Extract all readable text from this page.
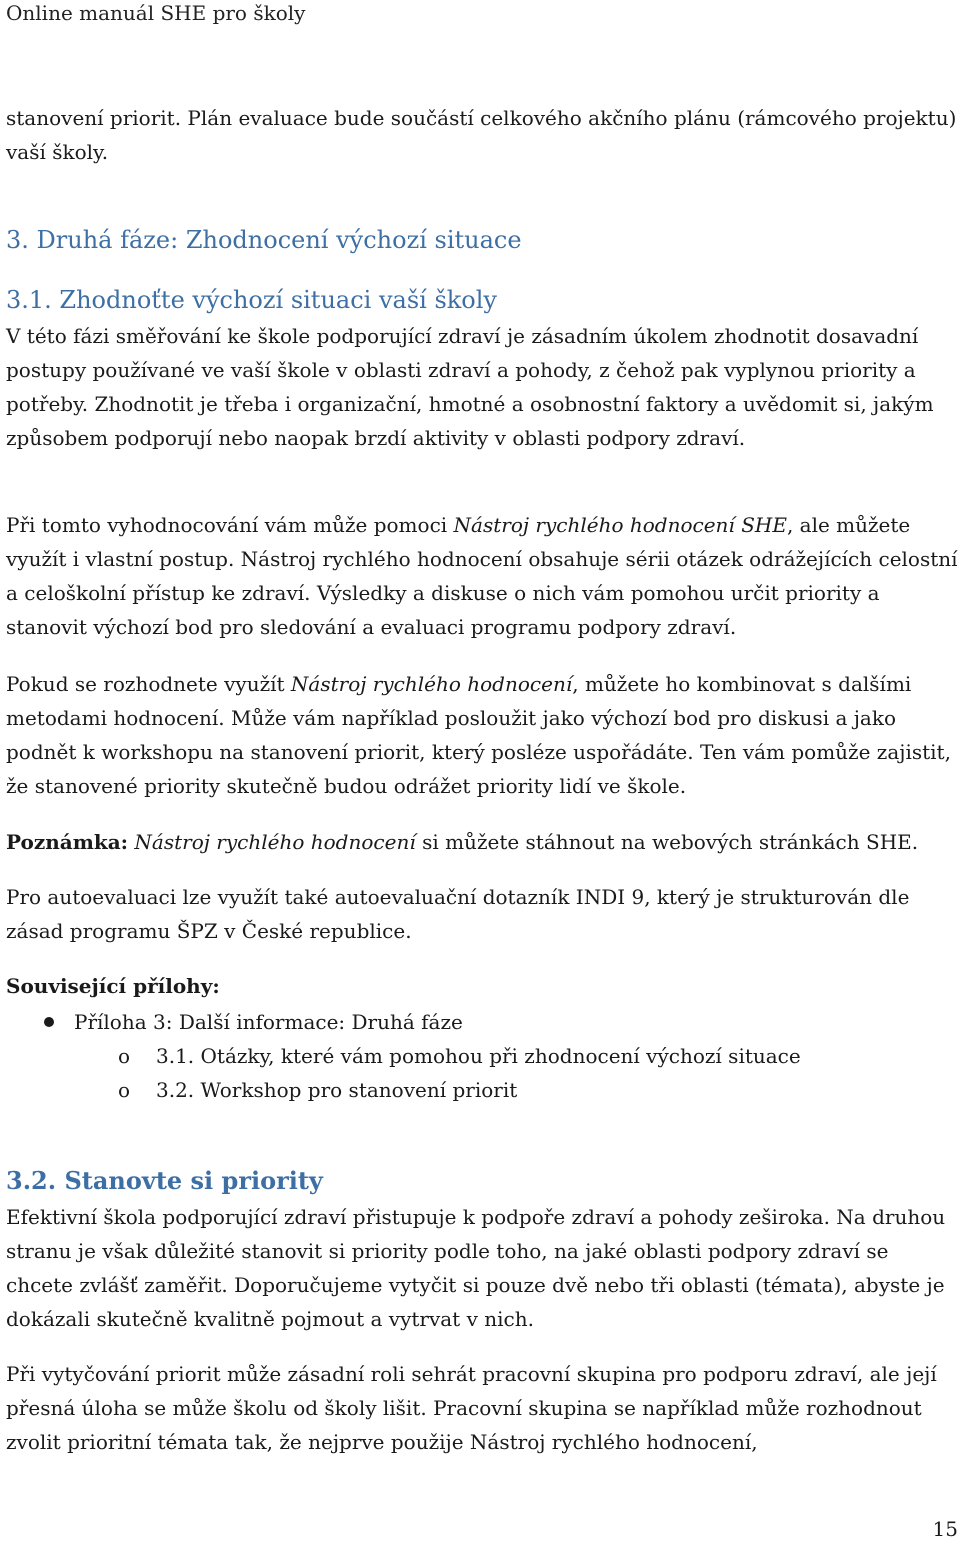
Online manuál SHE pro školy

stanovení priorit. Plán evaluace bude součástí celkového akčního plánu (rámcového projektu) vaší školy.

3. Druhá fáze: Zhodnocení výchozí situace
3.1. Zhodnoťte výchozí situaci vaší školy

V této fázi směřování ke škole podporující zdraví je zásadním úkolem zhodnotit dosavadní postupy používané ve vaší škole v oblasti zdraví a pohody, z čehož pak vyplynou priority a potřeby. Zhodnotit je třeba i organizační, hmotné a osobnostní faktory a uvědomit si, jakým způsobem podporují nebo naopak brzdí aktivity v oblasti podpory zdraví.

Při tomto vyhodnocování vám může pomoci Nástroj rychlého hodnocení SHE, ale můžete využít i vlastní postup. Nástroj rychlého hodnocení obsahuje sérii otázek odrážejících celostní a celoškolní přístup ke zdraví. Výsledky a diskuse o nich vám pomohou určit priority a stanovit výchozí bod pro sledování a evaluaci programu podpory zdraví.

Pokud se rozhodnete využít Nástroj rychlého hodnocení, můžete ho kombinovat s dalšími metodami hodnocení. Může vám například posloužit jako výchozí bod pro diskusi a jako podnět k workshopu na stanovení priorit, který posléze uspořádáte. Ten vám pomůže zajistit, že stanovené priority skutečně budou odrážet priority lidí ve škole.

Poznámka: Nástroj rychlého hodnocení si můžete stáhnout na webových stránkách SHE.

Pro autoevaluaci lze využít také autoevaluační dotazník INDI 9, který je strukturován dle zásad programu ŠPZ v České republice.

Související přílohy:
Příloha 3: Další informace: Druhá fáze
o 3.1. Otázky, které vám pomohou při zhodnocení výchozí situace
o 3.2. Workshop pro stanovení priorit
3.2. Stanovte si priority

Efektivní škola podporující zdraví přistupuje k podpoře zdraví a pohody zeširoka. Na druhou stranu je však důležité stanovit si priority podle toho, na jaké oblasti podpory zdraví se chcete zvlášť zaměřit. Doporučujeme vytyčit si pouze dvě nebo tři oblasti (témata), abyste je dokázali skutečně kvalitně pojmout a vytrvat v nich.

Při vytyčování priorit může zásadní roli sehrát pracovní skupina pro podporu zdraví, ale její přesná úloha se může školu od školy lišit. Pracovní skupina se například může rozhodnout zvolit prioritní témata tak, že nejprve použije Nástroj rychlého hodnocení,

15
